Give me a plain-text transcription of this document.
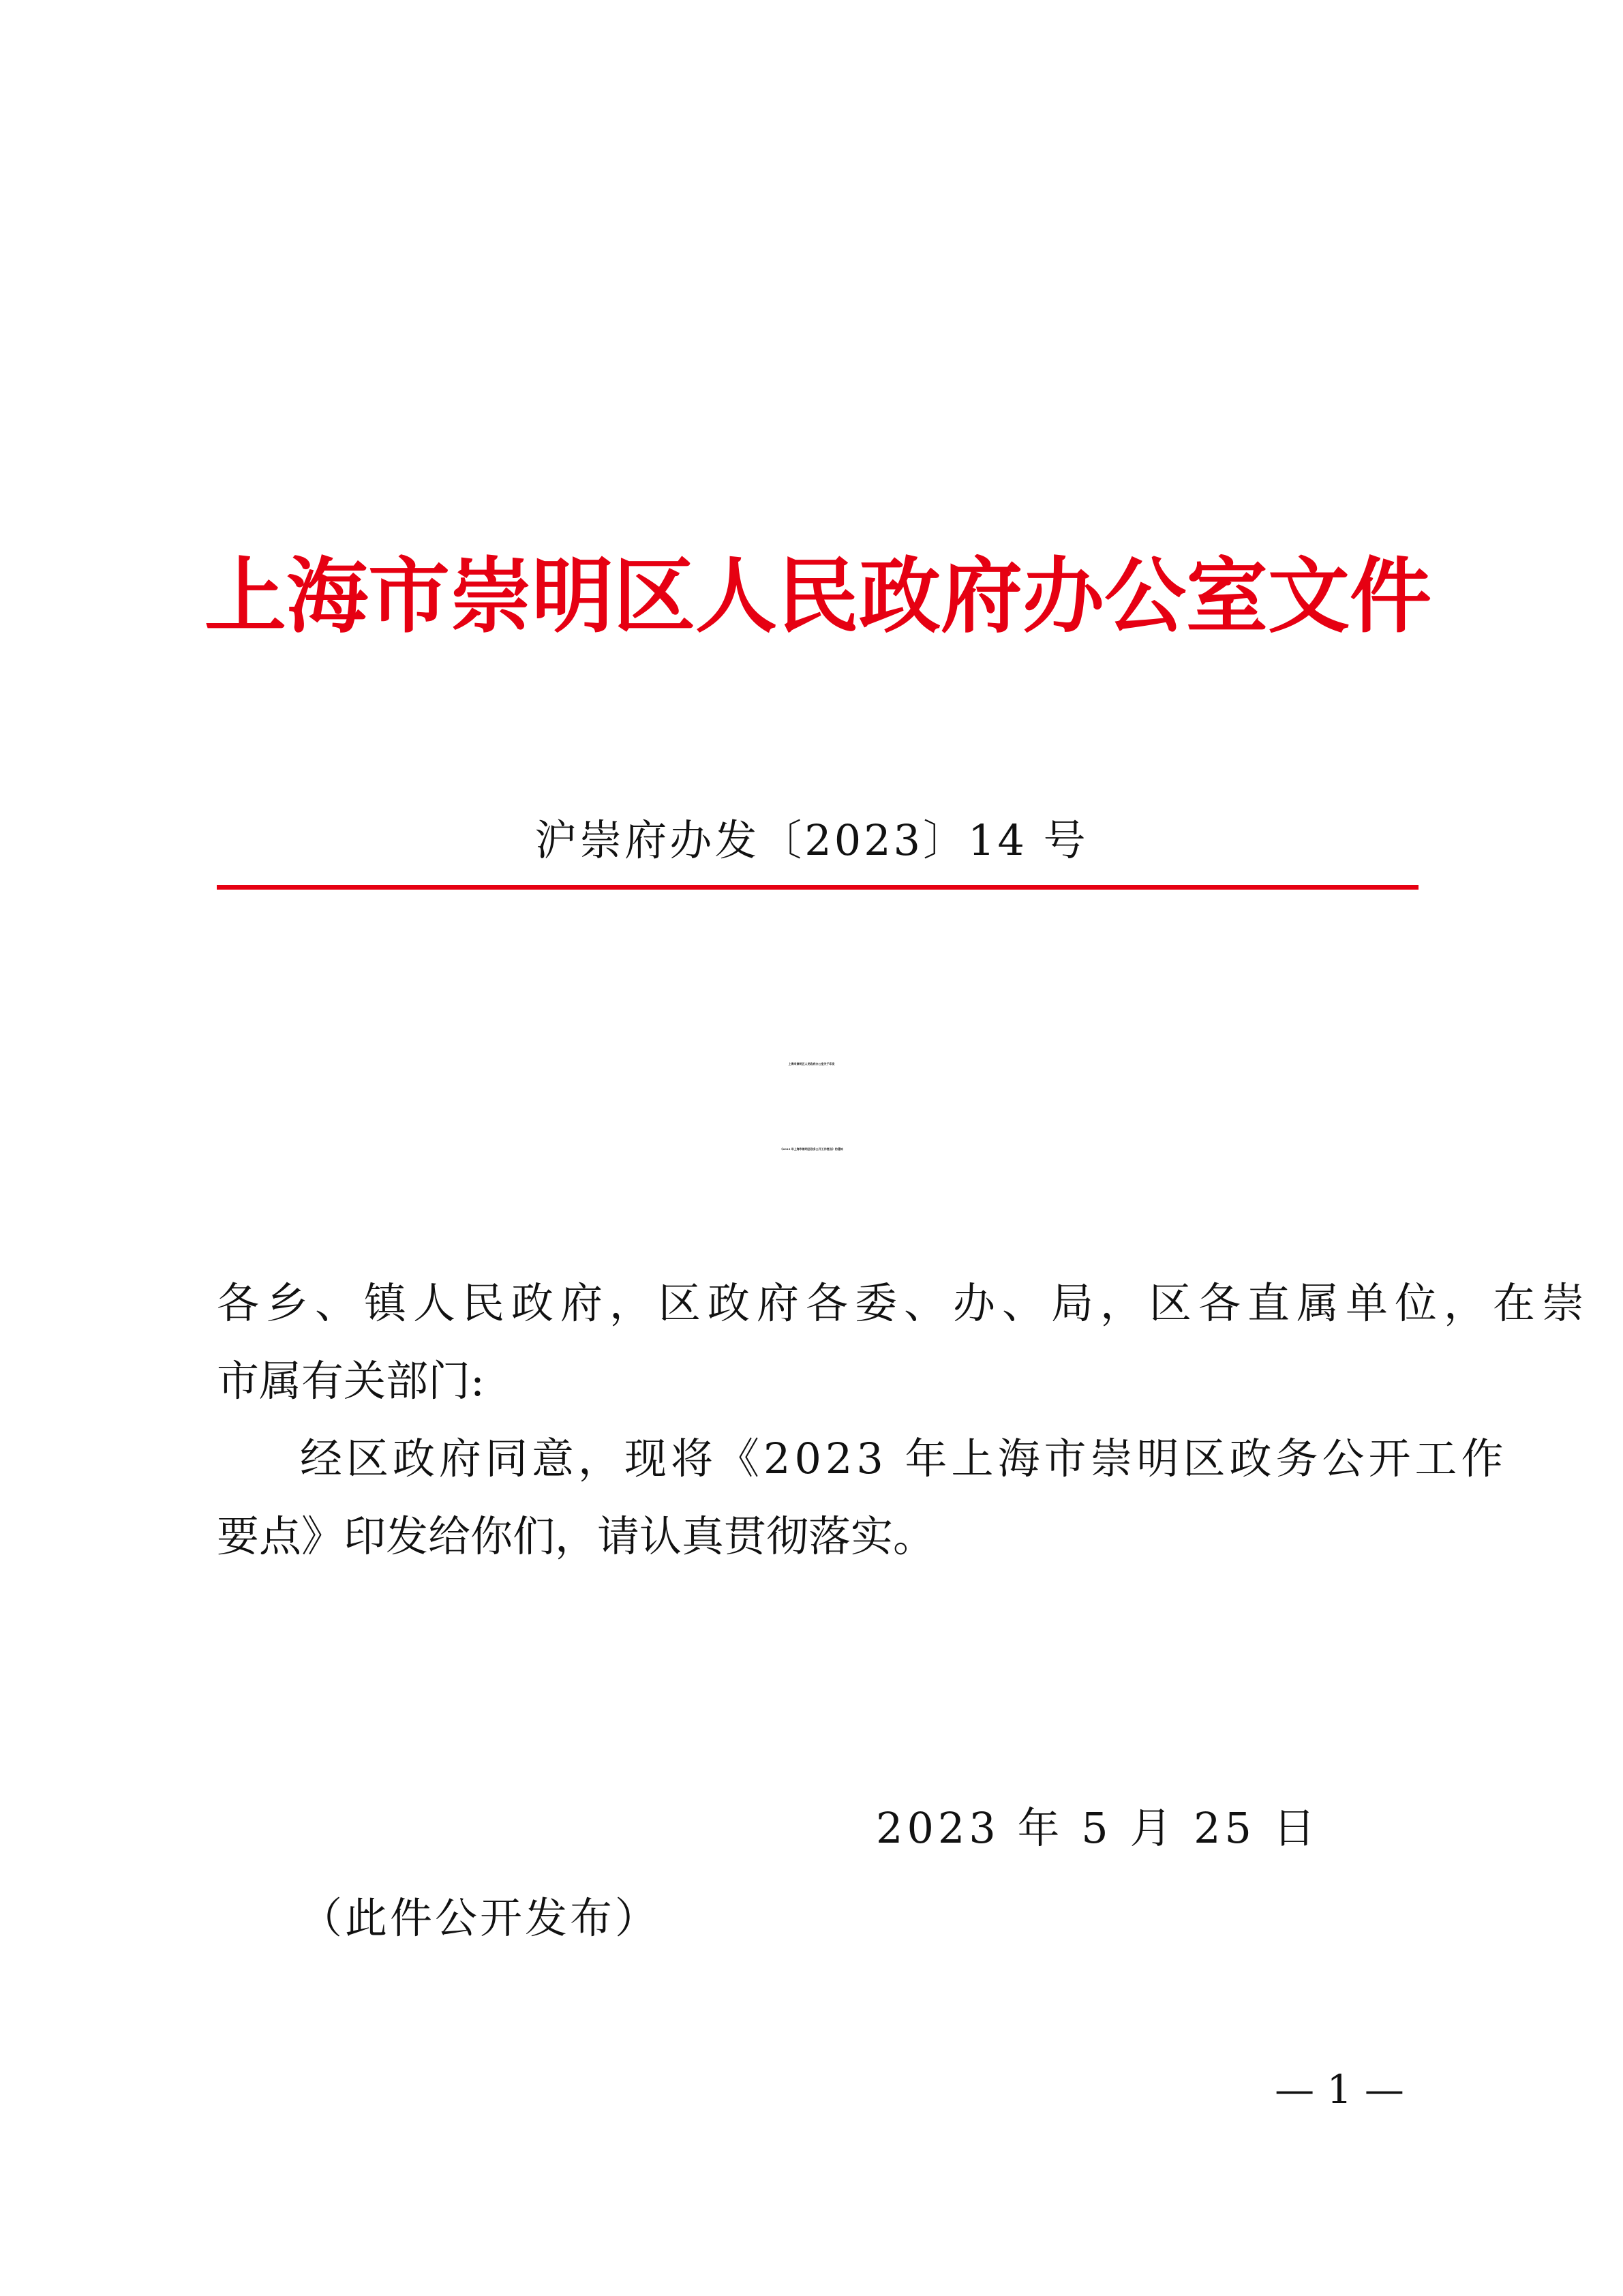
上海市崇明区人民政府办公室文件
沪崇府办发〔2023〕14 号
上海市崇明区人民政府办公室关于印发
《2023 年上海市崇明区政务公开工作要点》的通知
各乡、镇人民政府，区政府各委、办、局，区各直属单位，在崇
市属有关部门:
经区政府同意，现将《2023 年上海市崇明区政务公开工作
要点》印发给你们，请认真贯彻落实。
2023 年 5 月 25 日
（此件公开发布）
— 1 —
